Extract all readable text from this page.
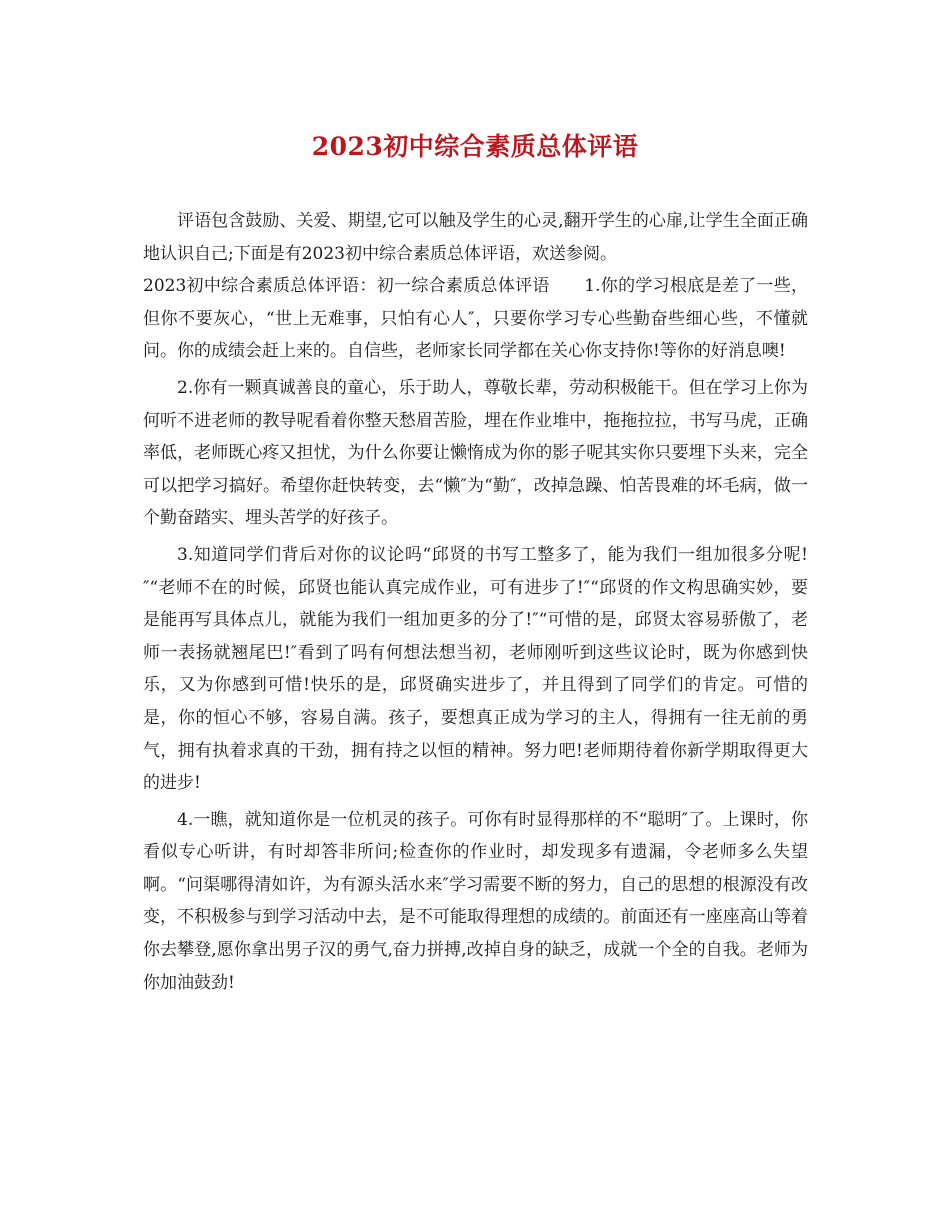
2023初中综合素质总体评语

评语包含鼓励、关爱、期望,它可以触及学生的心灵,翻开学生的心扉,让学生全面正确地认识自己;下面是有2023初中综合素质总体评语，欢送参阅。

2023初中综合素质总体评语：初一综合素质总体评语　　1.你的学习根底是差了一些，但你不要灰心，“世上无难事，只怕有心人″，只要你学习专心些勤奋些细心些，不懂就问。你的成绩会赶上来的。自信些，老师家长同学都在关心你支持你!等你的好消息噢!

2.你有一颗真诚善良的童心，乐于助人，尊敬长辈，劳动积极能干。但在学习上你为何听不进老师的教导呢看着你整天愁眉苦脸，埋在作业堆中，拖拖拉拉，书写马虎，正确率低，老师既心疼又担忧，为什么你要让懒惰成为你的影子呢其实你只要埋下头来，完全可以把学习搞好。希望你赶快转变，去“懒″为“勤″，改掉急躁、怕苦畏难的坏毛病，做一个勤奋踏实、埋头苦学的好孩子。

3.知道同学们背后对你的议论吗“邱贤的书写工整多了，能为我们一组加很多分呢!″“老师不在的时候，邱贤也能认真完成作业，可有进步了!″“邱贤的作文构思确实妙，要是能再写具体点儿，就能为我们一组加更多的分了!″“可惜的是，邱贤太容易骄傲了，老师一表扬就翘尾巴!″看到了吗有何想法想当初，老师刚听到这些议论时，既为你感到快乐，又为你感到可惜!快乐的是，邱贤确实进步了，并且得到了同学们的肯定。可惜的是，你的恒心不够，容易自满。孩子，要想真正成为学习的主人，得拥有一往无前的勇气，拥有执着求真的干劲，拥有持之以恒的精神。努力吧!老师期待着你新学期取得更大的进步!

4.一瞧，就知道你是一位机灵的孩子。可你有时显得那样的不“聪明″了。上课时，你看似专心听讲，有时却答非所问;检查你的作业时，却发现多有遗漏，令老师多么失望啊。“问渠哪得清如许，为有源头活水来″学习需要不断的努力，自己的思想的根源没有改变，不积极参与到学习活动中去，是不可能取得理想的成绩的。前面还有一座座高山等着你去攀登,愿你拿出男子汉的勇气,奋力拼搏,改掉自身的缺乏，成就一个全的自我。老师为你加油鼓劲!
